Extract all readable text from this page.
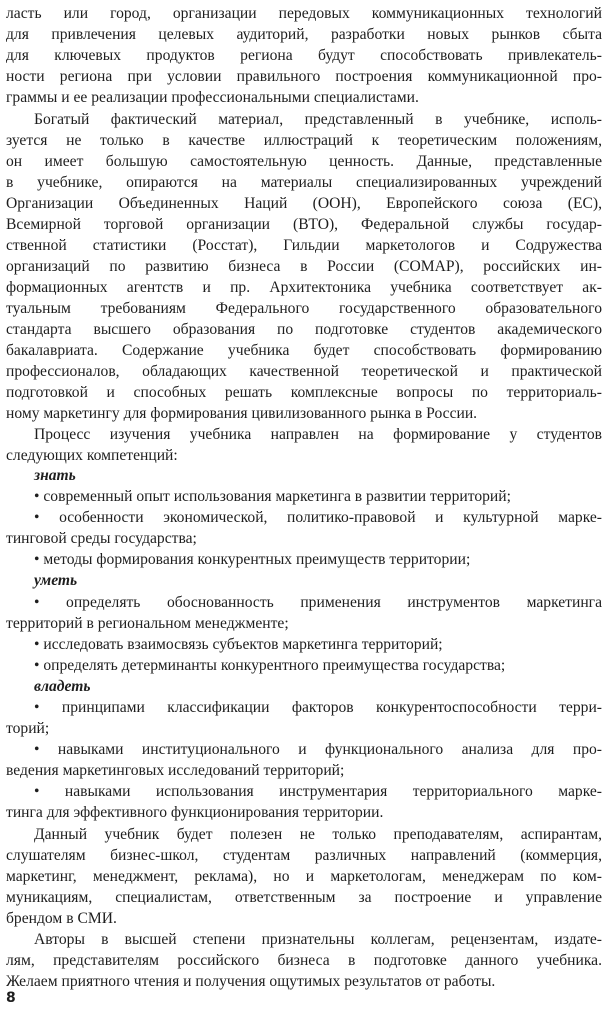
ласть или город, организации передовых коммуникационных технологий
для привлечения целевых аудиторий, разработки новых рынков сбыта
для ключевых продуктов региона будут способствовать привлекатель-
ности региона при условии правильного построения коммуникационной про-
граммы и ее реализации профессиональными специалистами.
Богатый фактический материал, представленный в учебнике, исполь-
зуется не только в качестве иллюстраций к теоретическим положениям,
он имеет большую самостоятельную ценность. Данные, представленные
в учебнике, опираются на материалы специализированных учреждений
Организации Объединенных Наций (ООН), Европейского союза (ЕС),
Всемирной торговой организации (ВТО), Федеральной службы государ-
ственной статистики (Росстат), Гильдии маркетологов и Содружества
организаций по развитию бизнеса в России (СОМАР), российских ин-
формационных агентств и пр. Архитектоника учебника соответствует ак-
туальным требованиям Федерального государственного образовательного
стандарта высшего образования по подготовке студентов академического
бакалавриата. Содержание учебника будет способствовать формированию
профессионалов, обладающих качественной теоретической и практической
подготовкой и способных решать комплексные вопросы по территориаль-
ному маркетингу для формирования цивилизованного рынка в России.
Процесс изучения учебника направлен на формирование у студентов
следующих компетенций:
знать
• современный опыт использования маркетинга в развитии территорий;
• особенности экономической, политико-правовой и культурной марке-
тинговой среды государства;
• методы формирования конкурентных преимуществ территории;
уметь
• определять обоснованность применения инструментов маркетинга
территорий в региональном менеджменте;
• исследовать взаимосвязь субъектов маркетинга территорий;
• определять детерминанты конкурентного преимущества государства;
владеть
• принципами классификации факторов конкурентоспособности терри-
торий;
• навыками институционального и функционального анализа для про-
ведения маркетинговых исследований территорий;
• навыками использования инструментария территориального марке-
тинга для эффективного функционирования территории.
Данный учебник будет полезен не только преподавателям, аспирантам,
слушателям бизнес-школ, студентам различных направлений (коммерция,
маркетинг, менеджмент, реклама), но и маркетологам, менеджерам по ком-
муникациям, специалистам, ответственным за построение и управление
брендом в СМИ.
Авторы в высшей степени признательны коллегам, рецензентам, издате-
лям, представителям российского бизнеса в подготовке данного учебника.
Желаем приятного чтения и получения ощутимых результатов от работы.
8
